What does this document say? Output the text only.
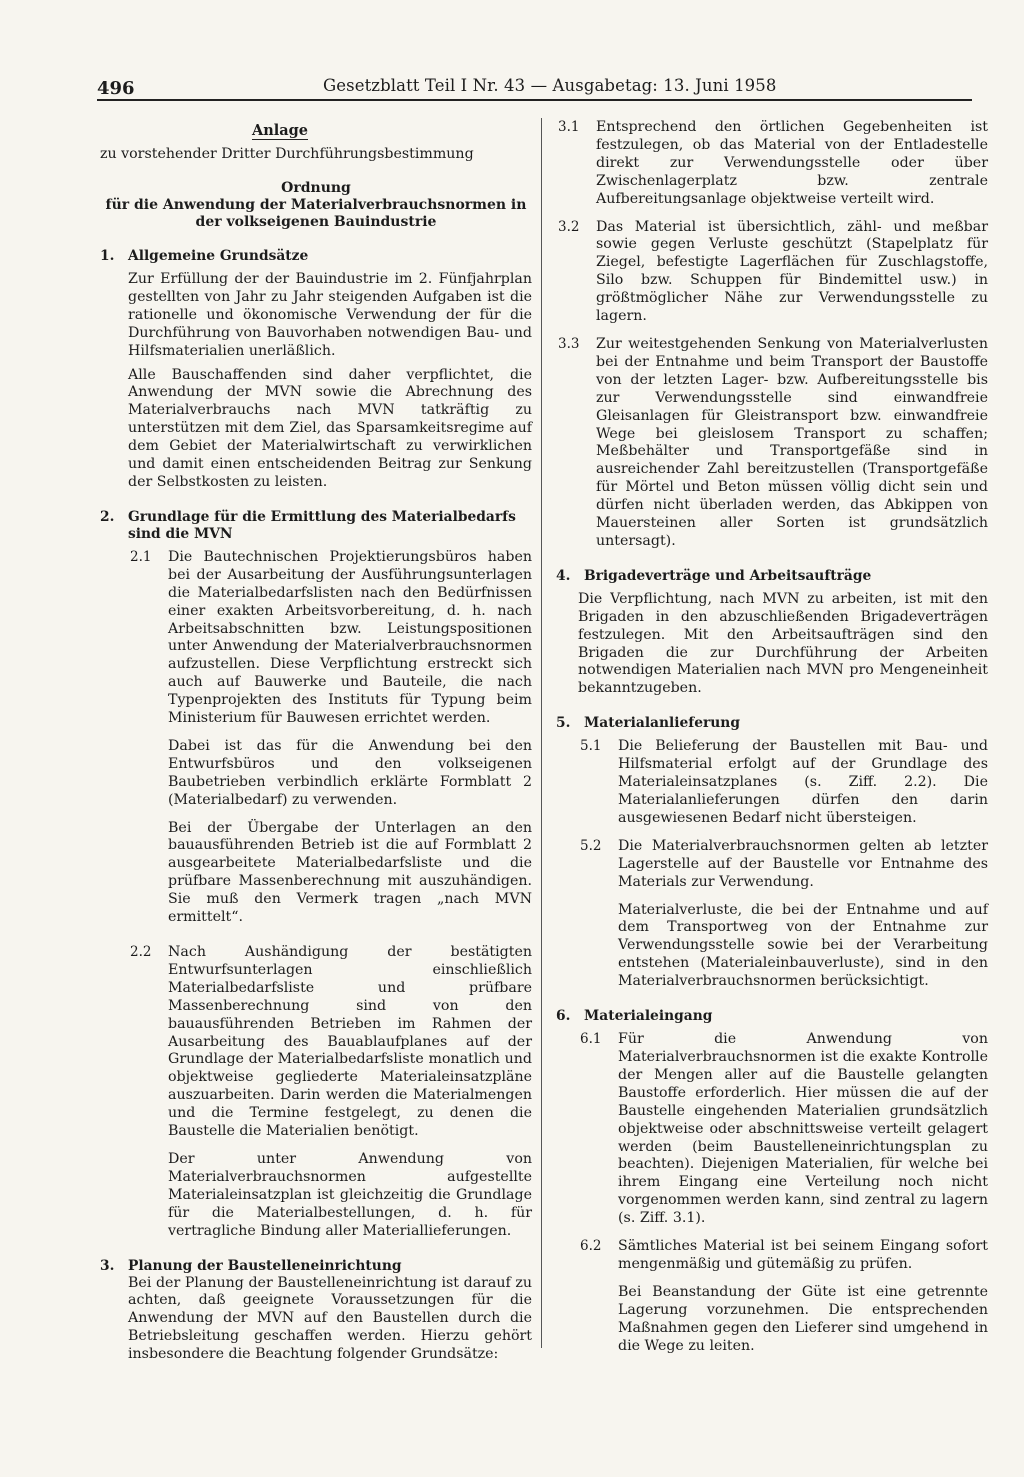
496	Gesetzblatt Teil I Nr. 43 — Ausgabetag: 13. Juni 1958
Anlage
zu vorstehender Dritter Durchführungsbestimmung
Ordnung
für die Anwendung der Materialverbrauchsnormen in
der volkseigenen Bauindustrie
1. Allgemeine Grundsätze

Zur Erfüllung der der Bauindustrie im 2. Fünfjahrplan gestellten von Jahr zu Jahr steigenden Aufgaben ist die rationelle und ökonomische Verwendung der für die Durchführung von Bauvorhaben notwendigen Bau- und Hilfsmaterialien unerläßlich.

Alle Bauschaffenden sind daher verpflichtet, die Anwendung der MVN sowie die Abrechnung des Materialverbrauchs nach MVN tatkräftig zu unterstützen mit dem Ziel, das Sparsamkeitsregime auf dem Gebiet der Materialwirtschaft zu verwirklichen und damit einen entscheidenden Beitrag zur Senkung der Selbstkosten zu leisten.

2. Grundlage für die Ermittlung des Materialbedarfs sind die MVN
2.1	Die Bautechnischen Projektierungsbüros haben bei der Ausarbeitung der Ausführungsunterlagen die Materialbedarfslisten nach den Bedürfnissen einer exakten Arbeitsvorbereitung, d. h. nach Arbeitsabschnitten bzw. Leistungspositionen unter Anwendung der Materialverbrauchsnormen aufzustellen. Diese Verpflichtung erstreckt sich auch auf Bauwerke und Bauteile, die nach Typenprojekten des Instituts für Typung beim Ministerium für Bauwesen errichtet werden.

Dabei ist das für die Anwendung bei den Entwurfsbüros und den volkseigenen Baubetrieben verbindlich erklärte Formblatt 2 (Materialbedarf) zu verwenden.

Bei der Übergabe der Unterlagen an den bauausführenden Betrieb ist die auf Formblatt 2 ausgearbeitete Materialbedarfsliste und die prüfbare Massenberechnung mit auszuhändigen. Sie muß den Vermerk tragen „nach MVN ermittelt“.

2.2	Nach Aushändigung der bestätigten Entwurfsunterlagen einschließlich Materialbedarfsliste und prüfbare Massenberechnung sind von den bauausführenden Betrieben im Rahmen der Ausarbeitung des Bauablaufplanes auf der Grundlage der Materialbedarfsliste monatlich und objektweise gegliederte Materialeinsatzpläne auszuarbeiten. Darin werden die Materialmengen und die Termine festgelegt, zu denen die Baustelle die Materialien benötigt.

Der unter Anwendung von Materialverbrauchsnormen aufgestellte Materialeinsatzplan ist gleichzeitig die Grundlage für die Materialbestellungen, d. h. für vertragliche Bindung aller Materiallieferungen.

3. Planung der Baustelleneinrichtung

Bei der Planung der Baustelleneinrichtung ist darauf zu achten, daß geeignete Voraussetzungen für die Anwendung der MVN auf den Baustellen durch die Betriebsleitung geschaffen werden. Hierzu gehört insbesondere die Beachtung folgender Grundsätze:

3.1	Entsprechend den örtlichen Gegebenheiten ist festzulegen, ob das Material von der Entladestelle direkt zur Verwendungsstelle oder über Zwischenlagerplatz bzw. zentrale Aufbereitungsanlage objektweise verteilt wird.

3.2	Das Material ist übersichtlich, zähl- und meßbar sowie gegen Verluste geschützt (Stapelplatz für Ziegel, befestigte Lagerflächen für Zuschlagstoffe, Silo bzw. Schuppen für Bindemittel usw.) in größtmöglicher Nähe zur Verwendungsstelle zu lagern.

3.3	Zur weitestgehenden Senkung von Materialverlusten bei der Entnahme und beim Transport der Baustoffe von der letzten Lager- bzw. Aufbereitungsstelle bis zur Verwendungsstelle sind einwandfreie Gleisanlagen für Gleistransport bzw. einwandfreie Wege bei gleislosem Transport zu schaffen; Meßbehälter und Transportgefäße sind in ausreichender Zahl bereitzustellen (Transportgefäße für Mörtel und Beton müssen völlig dicht sein und dürfen nicht überladen werden, das Abkippen von Mauersteinen aller Sorten ist grundsätzlich untersagt).

4. Brigadeverträge und Arbeitsaufträge

Die Verpflichtung, nach MVN zu arbeiten, ist mit den Brigaden in den abzuschließenden Brigadeverträgen festzulegen. Mit den Arbeitsaufträgen sind den Brigaden die zur Durchführung der Arbeiten notwendigen Materialien nach MVN pro Mengeneinheit bekanntzugeben.

5. Materialanlieferung
5.1	Die Belieferung der Baustellen mit Bau- und Hilfsmaterial erfolgt auf der Grundlage des Materialeinsatzplanes (s. Ziff. 2.2). Die Materialanlieferungen dürfen den darin ausgewiesenen Bedarf nicht übersteigen.

5.2	Die Materialverbrauchsnormen gelten ab letzter Lagerstelle auf der Baustelle vor Entnahme des Materials zur Verwendung.

Materialverluste, die bei der Entnahme und auf dem Transportweg von der Entnahme zur Verwendungsstelle sowie bei der Verarbeitung entstehen (Materialeinbauverluste), sind in den Materialverbrauchsnormen berücksichtigt.

6. Materialeingang
6.1	Für die Anwendung von Materialverbrauchsnormen ist die exakte Kontrolle der Mengen aller auf die Baustelle gelangten Baustoffe erforderlich. Hier müssen die auf der Baustelle eingehenden Materialien grundsätzlich objektweise oder abschnittsweise verteilt gelagert werden (beim Baustelleneinrichtungsplan zu beachten). Diejenigen Materialien, für welche bei ihrem Eingang eine Verteilung noch nicht vorgenommen werden kann, sind zentral zu lagern (s. Ziff. 3.1).

6.2	Sämtliches Material ist bei seinem Eingang sofort mengenmäßig und gütemäßig zu prüfen.

Bei Beanstandung der Güte ist eine getrennte Lagerung vorzunehmen. Die entsprechenden Maßnahmen gegen den Lieferer sind umgehend in die Wege zu leiten.
